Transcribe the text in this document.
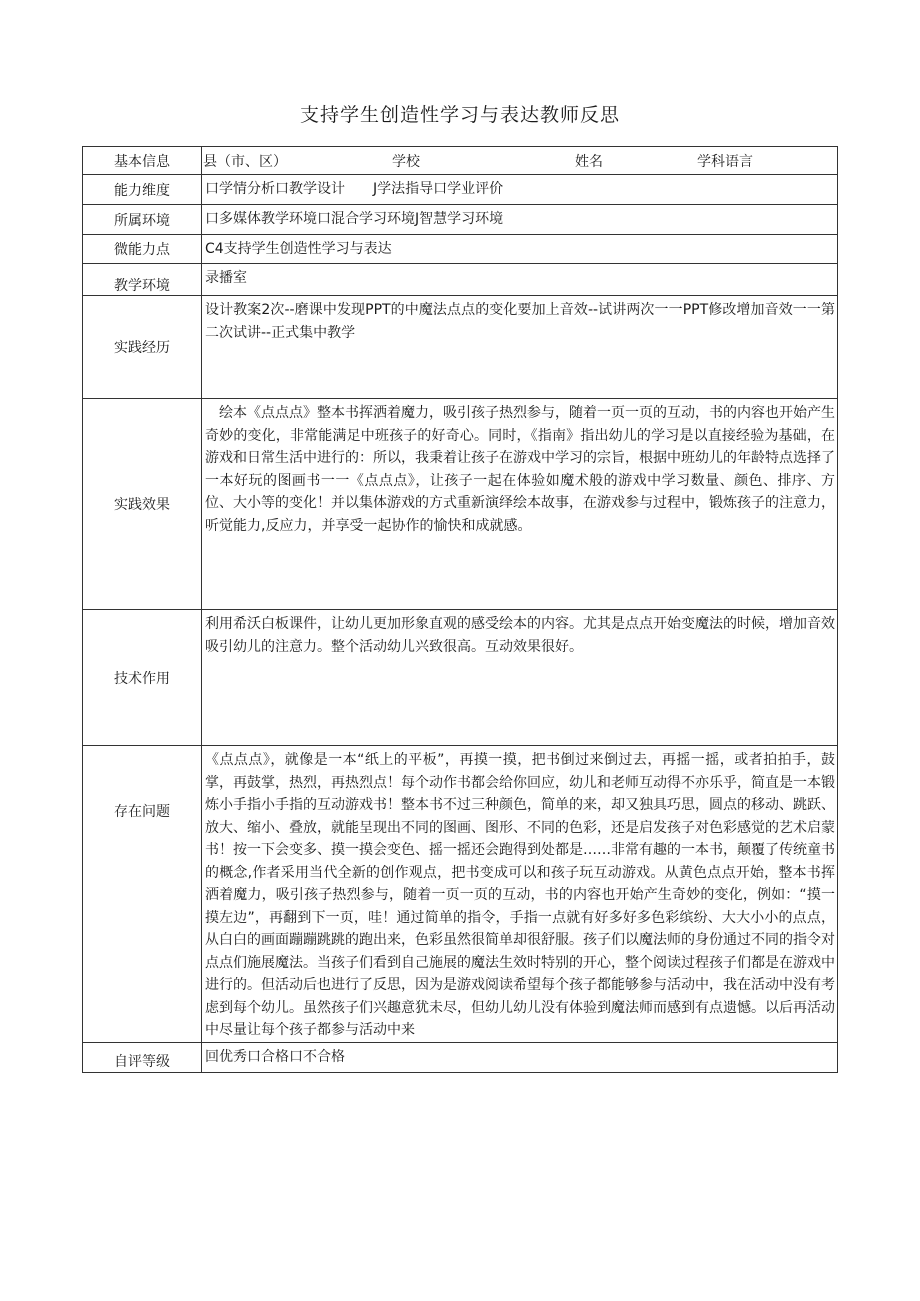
支持学生创造性学习与表达教师反思
基本信息	县（市、区） 学校 姓名 学科语言

能力维度	口学情分析口教学设计　　J学法指导口学业评价
所属环境	口多媒体教学环境口混合学习环境J智慧学习环境
微能力点	C4支持学生创造性学习与表达
教学环境	录播室
实践经历	设计教案2次--磨课中发现PPT的中魔法点点的变化要加上音效--试讲两次一一PPT修改增加音效一一第二次试讲--正式集中教学

实践效果	绘本《点点点》整本书挥洒着魔力，吸引孩子热烈参与，随着一页一页的互动，书的内容也开始产生奇妙的变化，非常能满足中班孩子的好奇心。同时，《指南》指出幼儿的学习是以直接经验为基础，在游戏和日常生活中进行的：所以，我秉着让孩子在游戏中学习的宗旨，根据中班幼儿的年龄特点选择了一本好玩的图画书一一《点点点》，让孩子一起在体验如魔术般的游戏中学习数量、颜色、排序、方位、大小等的变化！并以集体游戏的方式重新演绎绘本故事，在游戏参与过程中，锻炼孩子的注意力，听觉能力,反应力，并享受一起协作的愉快和成就感。

技术作用	利用希沃白板课件，让幼儿更加形象直观的感受绘本的内容。尤其是点点开始变魔法的时候，增加音效吸引幼儿的注意力。整个活动幼儿兴致很高。互动效果很好。

存在问题	《点点点》，就像是一本“纸上的平板”，再摸一摸，把书倒过来倒过去，再摇一摇，或者拍拍手，鼓掌，再鼓掌，热烈，再热烈点！每个动作书都会给你回应，幼儿和老师互动得不亦乐乎，简直是一本锻炼小手指小手指的互动游戏书！整本书不过三种颜色，简单的来，却又独具巧思，圆点的移动、跳跃、放大、缩小、叠放，就能呈现出不同的图画、图形、不同的色彩，还是启发孩子对色彩感觉的艺术启蒙书！按一下会变多、摸一摸会变色、摇一摇还会跑得到处都是……非常有趣的一本书，颠覆了传统童书的概念,作者采用当代全新的创作观点，把书变成可以和孩子玩互动游戏。从黄色点点开始，整本书挥洒着魔力，吸引孩子热烈参与，随着一页一页的互动，书的内容也开始产生奇妙的变化，例如：“摸一摸左边”，再翻到下一页，哇！通过简单的指令，手指一点就有好多好多色彩缤纷、大大小小的点点，从白白的画面蹦蹦跳跳的跑出来，色彩虽然很简单却很舒服。孩子们以魔法师的身份通过不同的指令对点点们施展魔法。当孩子们看到自己施展的魔法生效时特别的开心，整个阅读过程孩子们都是在游戏中进行的。但活动后也进行了反思，因为是游戏阅读希望每个孩子都能够参与活动中，我在活动中没有考虑到每个幼儿。虽然孩子们兴趣意犹未尽，但幼儿幼儿没有体验到魔法师而感到有点遗憾。以后再活动中尽量让每个孩子都参与活动中来

自评等级	回优秀口合格口不合格
